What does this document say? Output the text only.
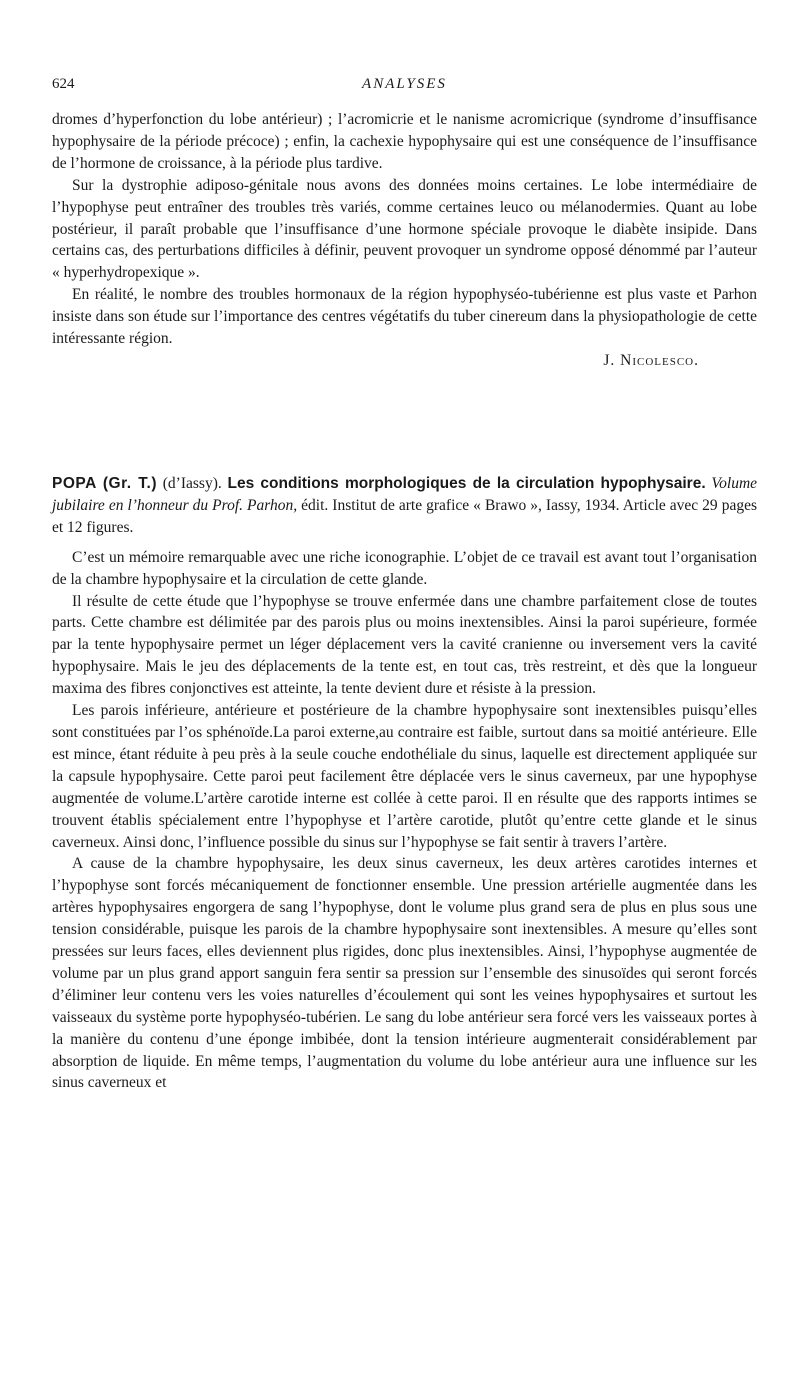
624	ANALYSES

dromes d’hyperfonction du lobe antérieur) ; l’acromicrie et le nanisme acromicrique (syndrome d’insuffisance hypophysaire de la période précoce) ; enfin, la cachexie hypophysaire qui est une conséquence de l’insuffisance de l’hormone de croissance, à la période plus tardive.

Sur la dystrophie adiposo-génitale nous avons des données moins certaines. Le lobe intermédiaire de l’hypophyse peut entraîner des troubles très variés, comme certaines leuco ou mélanodermies. Quant au lobe postérieur, il paraît probable que l’insuffisance d’une hormone spéciale provoque le diabète insipide. Dans certains cas, des perturbations difficiles à définir, peuvent provoquer un syndrome opposé dénommé par l’auteur « hyperhydropexique ».

En réalité, le nombre des troubles hormonaux de la région hypophyséo-tubérienne est plus vaste et Parhon insiste dans son étude sur l’importance des centres végétatifs du tuber cinereum dans la physiopathologie de cette intéressante région.

J. Nicolesco.

POPA (Gr. T.) (d’Iassy). Les conditions morphologiques de la circulation hypophysaire. Volume jubilaire en l’honneur du Prof. Parhon, édit. Institut de arte grafice « Brawo », Iassy, 1934. Article avec 29 pages et 12 figures.

C’est un mémoire remarquable avec une riche iconographie. L’objet de ce travail est avant tout l’organisation de la chambre hypophysaire et la circulation de cette glande.

Il résulte de cette étude que l’hypophyse se trouve enfermée dans une chambre parfaitement close de toutes parts. Cette chambre est délimitée par des parois plus ou moins inextensibles. Ainsi la paroi supérieure, formée par la tente hypophysaire permet un léger déplacement vers la cavité cranienne ou inversement vers la cavité hypophysaire. Mais le jeu des déplacements de la tente est, en tout cas, très restreint, et dès que la longueur maxima des fibres conjonctives est atteinte, la tente devient dure et résiste à la pression.

Les parois inférieure, antérieure et postérieure de la chambre hypophysaire sont inextensibles puisqu’elles sont constituées par l’os sphénoïde.La paroi externe,au contraire est faible, surtout dans sa moitié antérieure. Elle est mince, étant réduite à peu près à la seule couche endothéliale du sinus, laquelle est directement appliquée sur la capsule hypophysaire. Cette paroi peut facilement être déplacée vers le sinus caverneux, par une hypophyse augmentée de volume.L’artère carotide interne est collée à cette paroi. Il en résulte que des rapports intimes se trouvent établis spécialement entre l’hypophyse et l’artère carotide, plutôt qu’entre cette glande et le sinus caverneux. Ainsi donc, l’influence possible du sinus sur l’hypophyse se fait sentir à travers l’artère.

A cause de la chambre hypophysaire, les deux sinus caverneux, les deux artères carotides internes et l’hypophyse sont forcés mécaniquement de fonctionner ensemble. Une pression artérielle augmentée dans les artères hypophysaires engorgera de sang l’hypophyse, dont le volume plus grand sera de plus en plus sous une tension considérable, puisque les parois de la chambre hypophysaire sont inextensibles. A mesure qu’elles sont pressées sur leurs faces, elles deviennent plus rigides, donc plus inextensibles. Ainsi, l’hypophyse augmentée de volume par un plus grand apport sanguin fera sentir sa pression sur l’ensemble des sinusoïdes qui seront forcés d’éliminer leur contenu vers les voies naturelles d’écoulement qui sont les veines hypophysaires et surtout les vaisseaux du système porte hypophyséo-tubérien. Le sang du lobe antérieur sera forcé vers les vaisseaux portes à la manière du contenu d’une éponge imbibée, dont la tension intérieure augmenterait considérablement par absorption de liquide. En même temps, l’augmentation du volume du lobe antérieur aura une influence sur les sinus caverneux et
